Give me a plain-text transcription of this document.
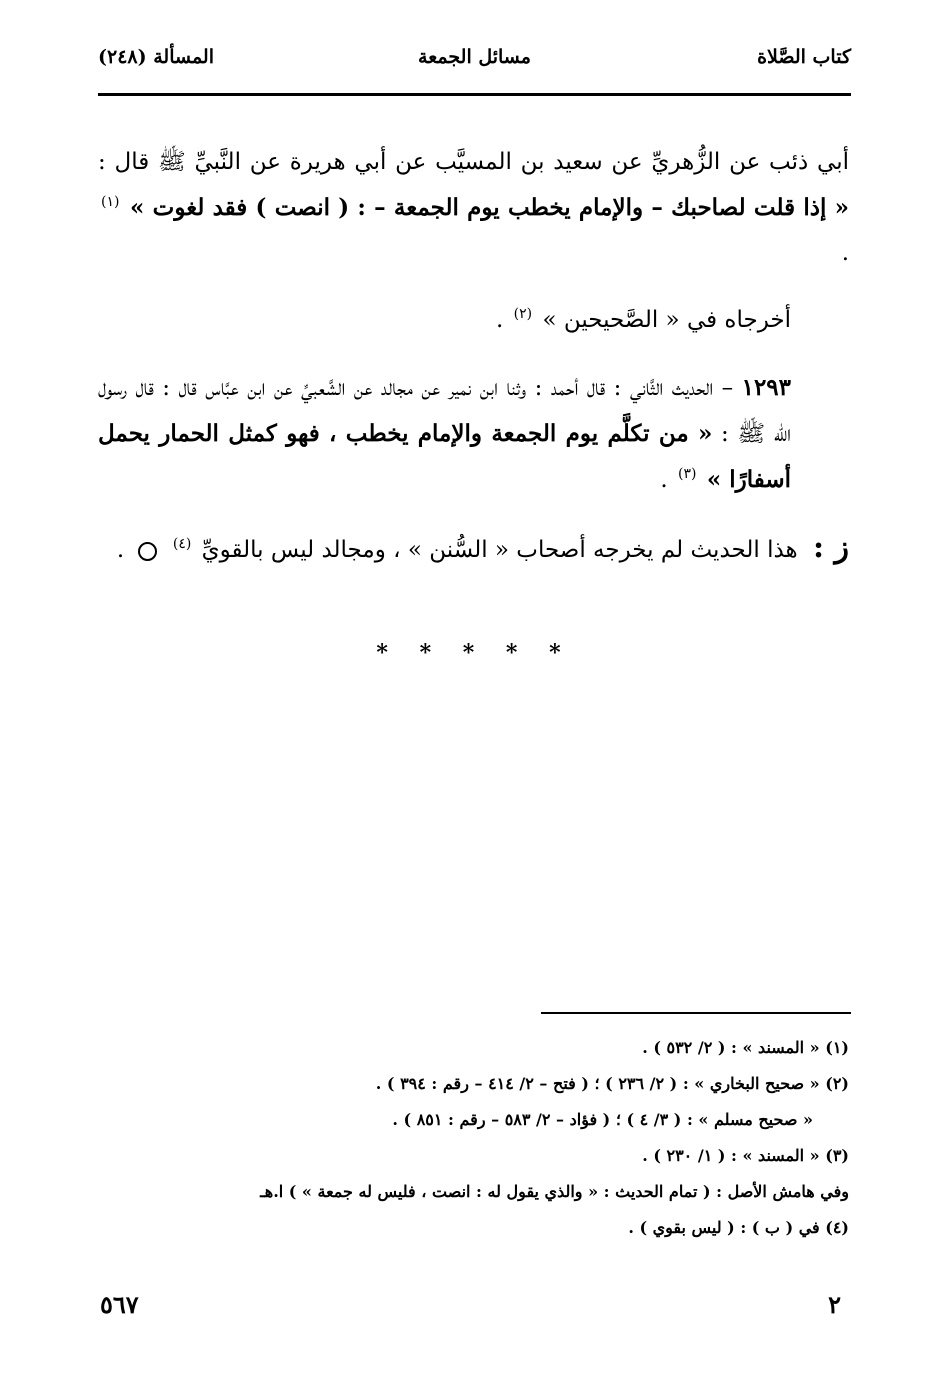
كتاب الصَّلاة
مسائل الجمعة
المسألة (٢٤٨)

أبي ذئب عن الزُّهريِّ عن سعيد بن المسيَّب عن أبي هريرة عن النَّبيِّ ﷺ قال : « إذا قلت لصاحبك – والإمام يخطب يوم الجمعة – : ( انصت ) فقد لغوت » $^{(١)}$ .

أخرجاه في « الصَّحيحين » $^{(٢)}$ .

١٢٩٣ – الحديث الثَّاني : قال أحمد : وثنا ابن نمير عن مجالد عن الشَّعبيِّ عن ابن عبَّاس قال : قال رسول الله ﷺ : « من تكلَّم يوم الجمعة والإمام يخطب ، فهو كمثل الحمار يحمل أسفارًا » $^{(٣)}$ .

ز : هذا الحديث لم يخرجه أصحاب « السُّنن » ، ومجالد ليس بالقويِّ $^{(٤)}$  .

* * * * *
(١) « المسند » : ( ٢/ ٥٣٢ ) .
(٢) « صحيح البخاري » : ( ٢/ ٢٣٦ ) ؛ ( فتح – ٢/ ٤١٤ – رقم : ٣٩٤ ) .
« صحيح مسلم » : ( ٣/ ٤ ) ؛ ( فؤاد – ٢/ ٥٨٣ – رقم : ٨٥١ ) .
(٣) « المسند » : ( ١/ ٢٣٠ ) .
وفي هامش الأصل : ( تمام الحديث : « والذي يقول له : انصت ، فليس له جمعة » ) ا.هـ
(٤) في ( ب ) : ( ليس بقوي ) .
٢
٥٦٧
